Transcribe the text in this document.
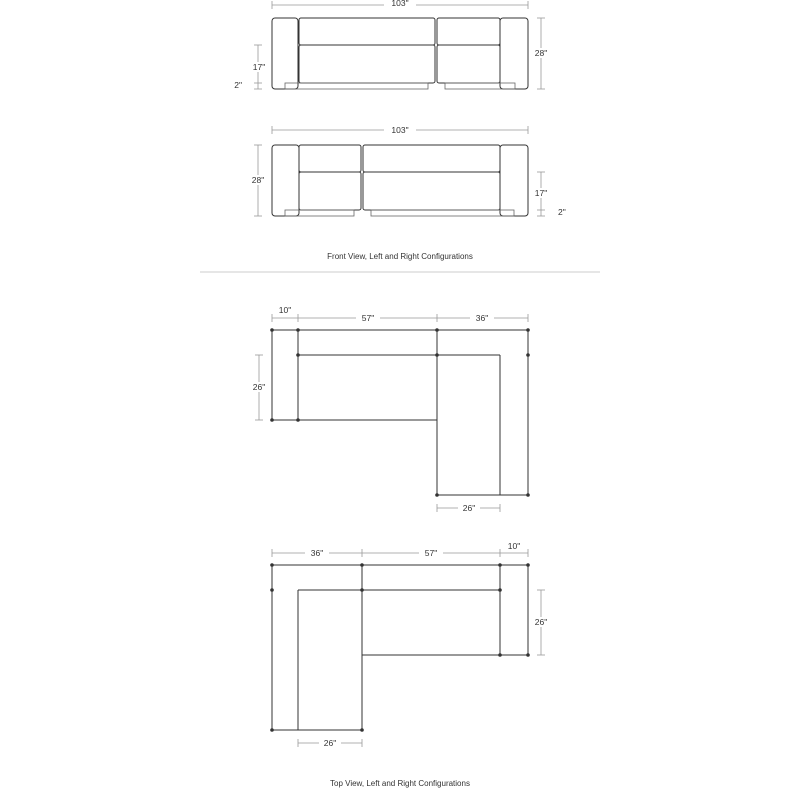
103"
28"
17"
2"
103"
28"
17"
2"
Front View, Left and Right Configurations
10"
57"	36"
26"
26"
36"	57"
10"
26"
26"
Top View, Left and Right Configurations
